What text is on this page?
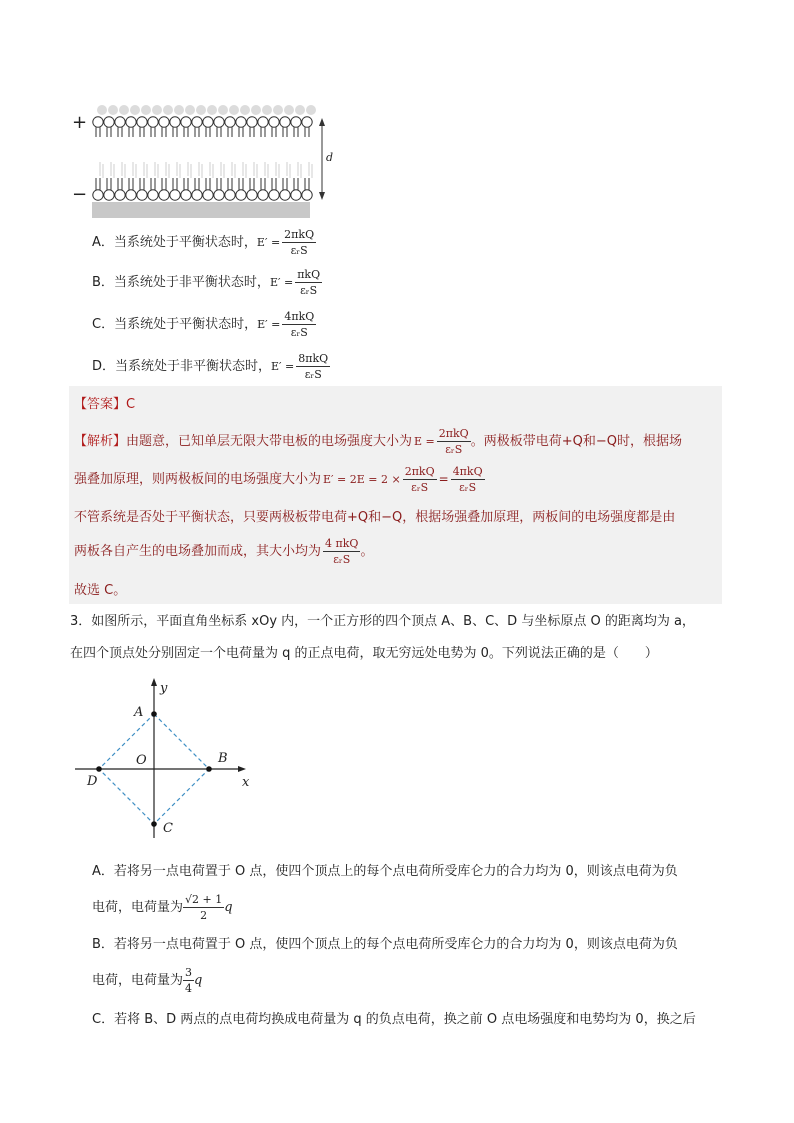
+
−
d
A． 当系统处于平衡状态时， $E' = \frac{\text{2πkQ}}{\text{εᵣS}}$
B． 当系统处于非平衡状态时， $E' = \frac{\text{πkQ}}{\text{εᵣS}}$
C． 当系统处于平衡状态时， $E' = \frac{\text{4πkQ}}{\text{εᵣS}}$
D． 当系统处于非平衡状态时， $E' = \frac{\text{8πkQ}}{\text{εᵣS}}$
【答案】C
【解析】 由题意，已知单层无限大带电板的电场强度大小为 $E = \frac{\text{2πkQ}}{\text{εᵣS}}$ 。两极板带电荷+Q和−Q时，根据场
强叠加原理，则两极板间的电场强度大小为 $E' = 2E = 2 \times \frac{\text{2πkQ}}{\text{εᵣS}} = \frac{\text{4πkQ}}{\text{εᵣS}}$
不管系统是否处于平衡状态，只要两极板带电荷+Q和−Q，根据场强叠加原理，两板间的电场强度都是由
两板各自产生的电场叠加而成，其大小均为 $\frac{\text{4 πkQ}}{\text{εᵣS}}$ 。
故选 C。
3．如图所示，平面直角坐标系 xOy 内，一个正方形的四个顶点 A、B、C、D 与坐标原点 O 的距离均为 a，
在四个顶点处分别固定一个电荷量为 q 的正点电荷，取无穷远处电势为 0。下列说法正确的是（　　）
y
x
A
B
C
D
O
A．若将另一点电荷置于 O 点，使四个顶点上的每个点电荷所受库仑力的合力均为 0，则该点电荷为负
电荷，电荷量为 $\frac{√2 + 1}{2}$ q
B．若将另一点电荷置于 O 点，使四个顶点上的每个点电荷所受库仑力的合力均为 0，则该点电荷为负
电荷，电荷量为 $\frac{3}{4}$ q
C．若将 B、D 两点的点电荷均换成电荷量为 q 的负点电荷，换之前 O 点电场强度和电势均为 0，换之后
